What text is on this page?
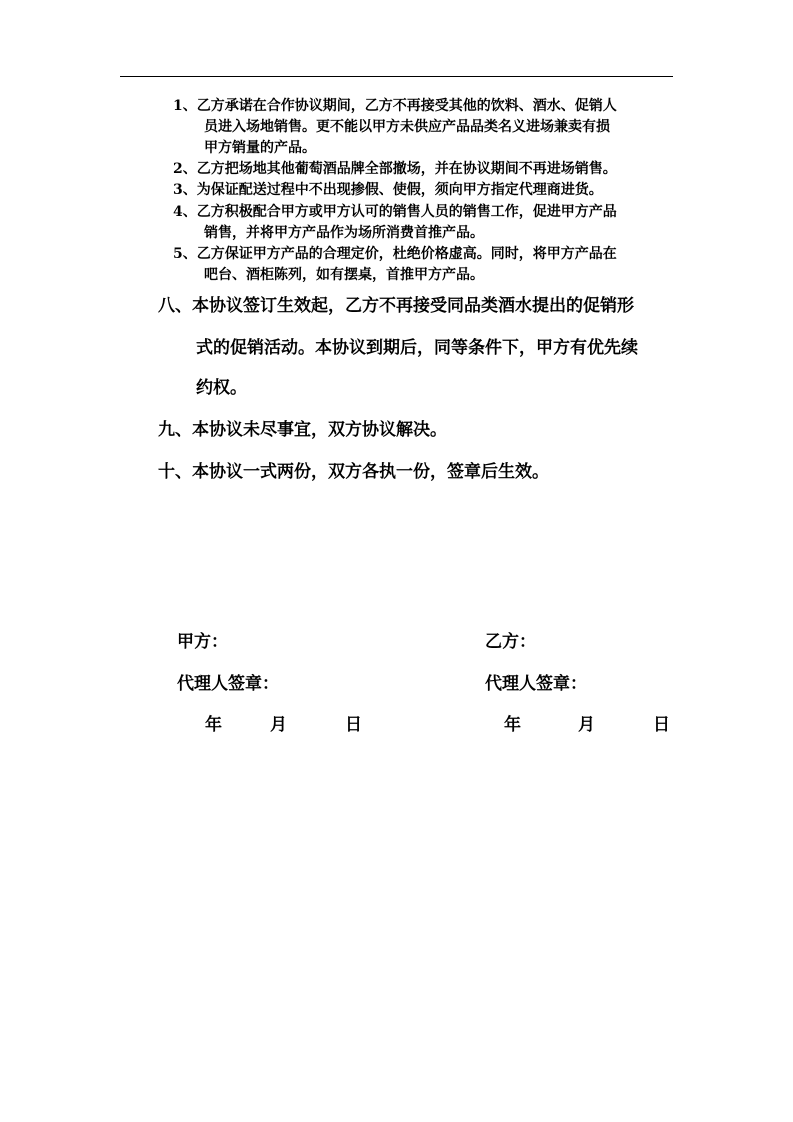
1、乙方承诺在合作协议期间，乙方不再接受其他的饮料、酒水、促销人
员进入场地销售。更不能以甲方未供应产品品类名义进场兼卖有损
甲方销量的产品。
2、乙方把场地其他葡萄酒品牌全部撤场，并在协议期间不再进场销售。
3、为保证配送过程中不出现掺假、使假，须向甲方指定代理商进货。
4、乙方积极配合甲方或甲方认可的销售人员的销售工作，促进甲方产品
销售，并将甲方产品作为场所消费首推产品。
5、乙方保证甲方产品的合理定价，杜绝价格虚高。同时，将甲方产品在
吧台、酒柜陈列，如有摆桌，首推甲方产品。
八、本协议签订生效起，乙方不再接受同品类酒水提出的促销形
式的促销活动。本协议到期后，同等条件下，甲方有优先续
约权。
九、本协议未尽事宜，双方协议解决。
十、本协议一式两份，双方各执一份，签章后生效。
甲方：	乙方：
代理人签章：	代理人签章：
年	月	日	年	月	日
